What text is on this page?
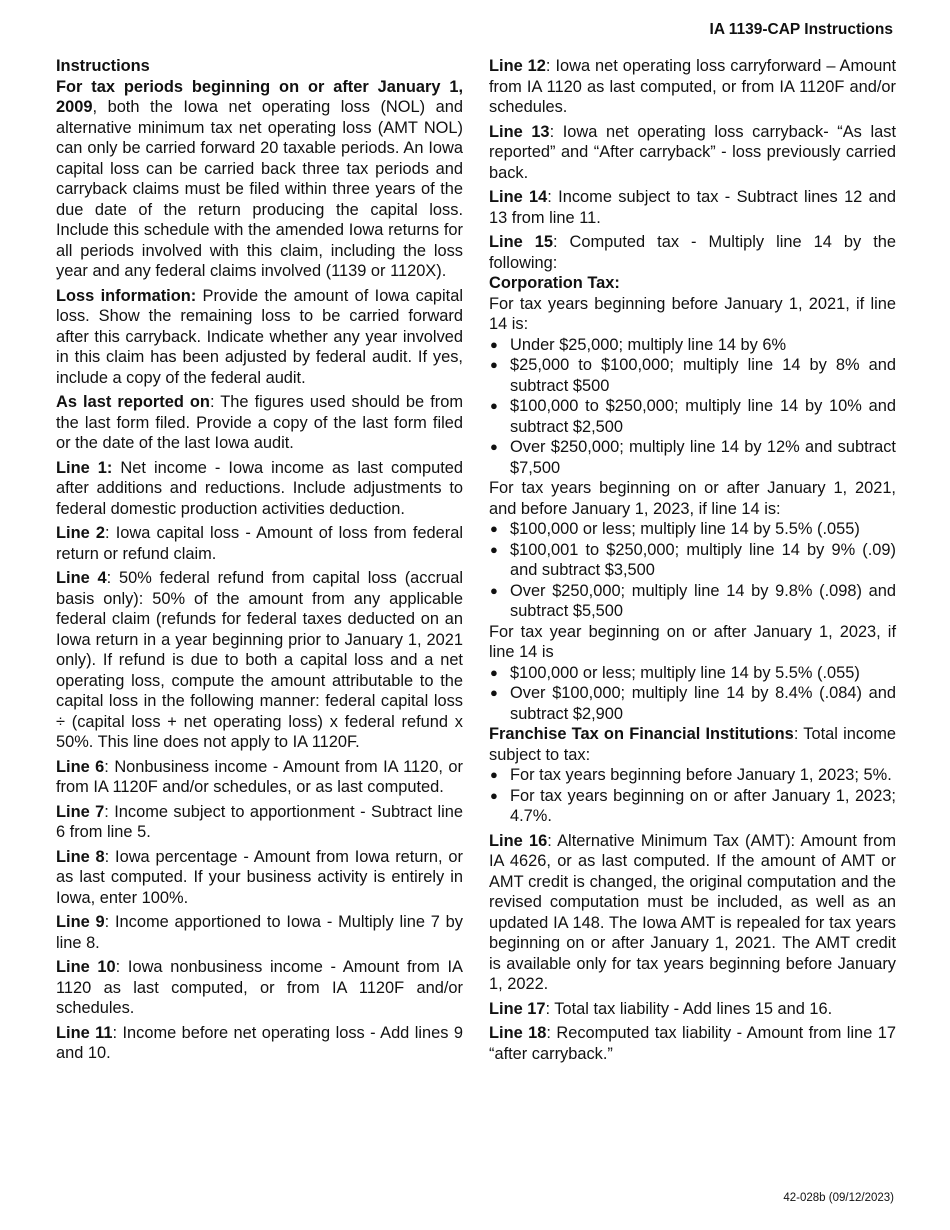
IA 1139-CAP Instructions
Instructions

For tax periods beginning on or after January 1, 2009, both the Iowa net operating loss (NOL) and alternative minimum tax net operating loss (AMT NOL) can only be carried forward 20 taxable periods. An Iowa capital loss can be carried back three tax periods and carryback claims must be filed within three years of the due date of the return producing the capital loss. Include this schedule with the amended Iowa returns for all periods involved with this claim, including the loss year and any federal claims involved (1139 or 1120X).

Loss information: Provide the amount of Iowa capital loss. Show the remaining loss to be carried forward after this carryback. Indicate whether any year involved in this claim has been adjusted by federal audit. If yes, include a copy of the federal audit.

As last reported on: The figures used should be from the last form filed. Provide a copy of the last form filed or the date of the last Iowa audit.

Line 1: Net income - Iowa income as last computed after additions and reductions. Include adjustments to federal domestic production activities deduction.

Line 2: Iowa capital loss - Amount of loss from federal return or refund claim.

Line 4: 50% federal refund from capital loss (accrual basis only): 50% of the amount from any applicable federal claim (refunds for federal taxes deducted on an Iowa return in a year beginning prior to January 1, 2021 only). If refund is due to both a capital loss and a net operating loss, compute the amount attributable to the capital loss in the following manner: federal capital loss ÷ (capital loss + net operating loss) x federal refund x 50%. This line does not apply to IA 1120F.

Line 6: Nonbusiness income - Amount from IA 1120, or from IA 1120F and/or schedules, or as last computed.

Line 7: Income subject to apportionment - Subtract line 6 from line 5.

Line 8: Iowa percentage - Amount from Iowa return, or as last computed. If your business activity is entirely in Iowa, enter 100%.

Line 9: Income apportioned to Iowa - Multiply line 7 by line 8.

Line 10: Iowa nonbusiness income - Amount from IA 1120 as last computed, or from IA 1120F and/or schedules.

Line 11: Income before net operating loss - Add lines 9 and 10.

Line 12: Iowa net operating loss carryforward – Amount from IA 1120 as last computed, or from IA 1120F and/or schedules.

Line 13: Iowa net operating loss carryback- “As last reported” and “After carryback” - loss previously carried back.

Line 14: Income subject to tax - Subtract lines 12 and 13 from line 11.

Line 15: Computed tax - Multiply line 14 by the following:

Corporation Tax:
For tax years beginning before January 1, 2021, if line 14 is:
● Under $25,000; multiply line 14 by 6%
● $25,000 to $100,000; multiply line 14 by 8% and subtract $500
● $100,000 to $250,000; multiply line 14 by 10% and subtract $2,500
● Over $250,000; multiply line 14 by 12% and subtract $7,500
For tax years beginning on or after January 1, 2021, and before January 1, 2023, if line 14 is:
● $100,000 or less; multiply line 14 by 5.5% (.055)
● $100,001 to $250,000; multiply line 14 by 9% (.09) and subtract $3,500
● Over $250,000; multiply line 14 by 9.8% (.098) and subtract $5,500
For tax year beginning on or after January 1, 2023, if line 14 is
● $100,000 or less; multiply line 14 by 5.5% (.055)
● Over $100,000; multiply line 14 by 8.4% (.084) and subtract $2,900
Franchise Tax on Financial Institutions: Total income subject to tax:
● For tax years beginning before January 1, 2023; 5%.
● For tax years beginning on or after January 1, 2023; 4.7%.

Line 16: Alternative Minimum Tax (AMT): Amount from IA 4626, or as last computed. If the amount of AMT or AMT credit is changed, the original computation and the revised computation must be included, as well as an updated IA 148. The Iowa AMT is repealed for tax years beginning on or after January 1, 2021. The AMT credit is available only for tax years beginning before January 1, 2022.

Line 17: Total tax liability - Add lines 15 and 16.

Line 18: Recomputed tax liability - Amount from line 17 “after carryback.”

42-028b (09/12/2023)
